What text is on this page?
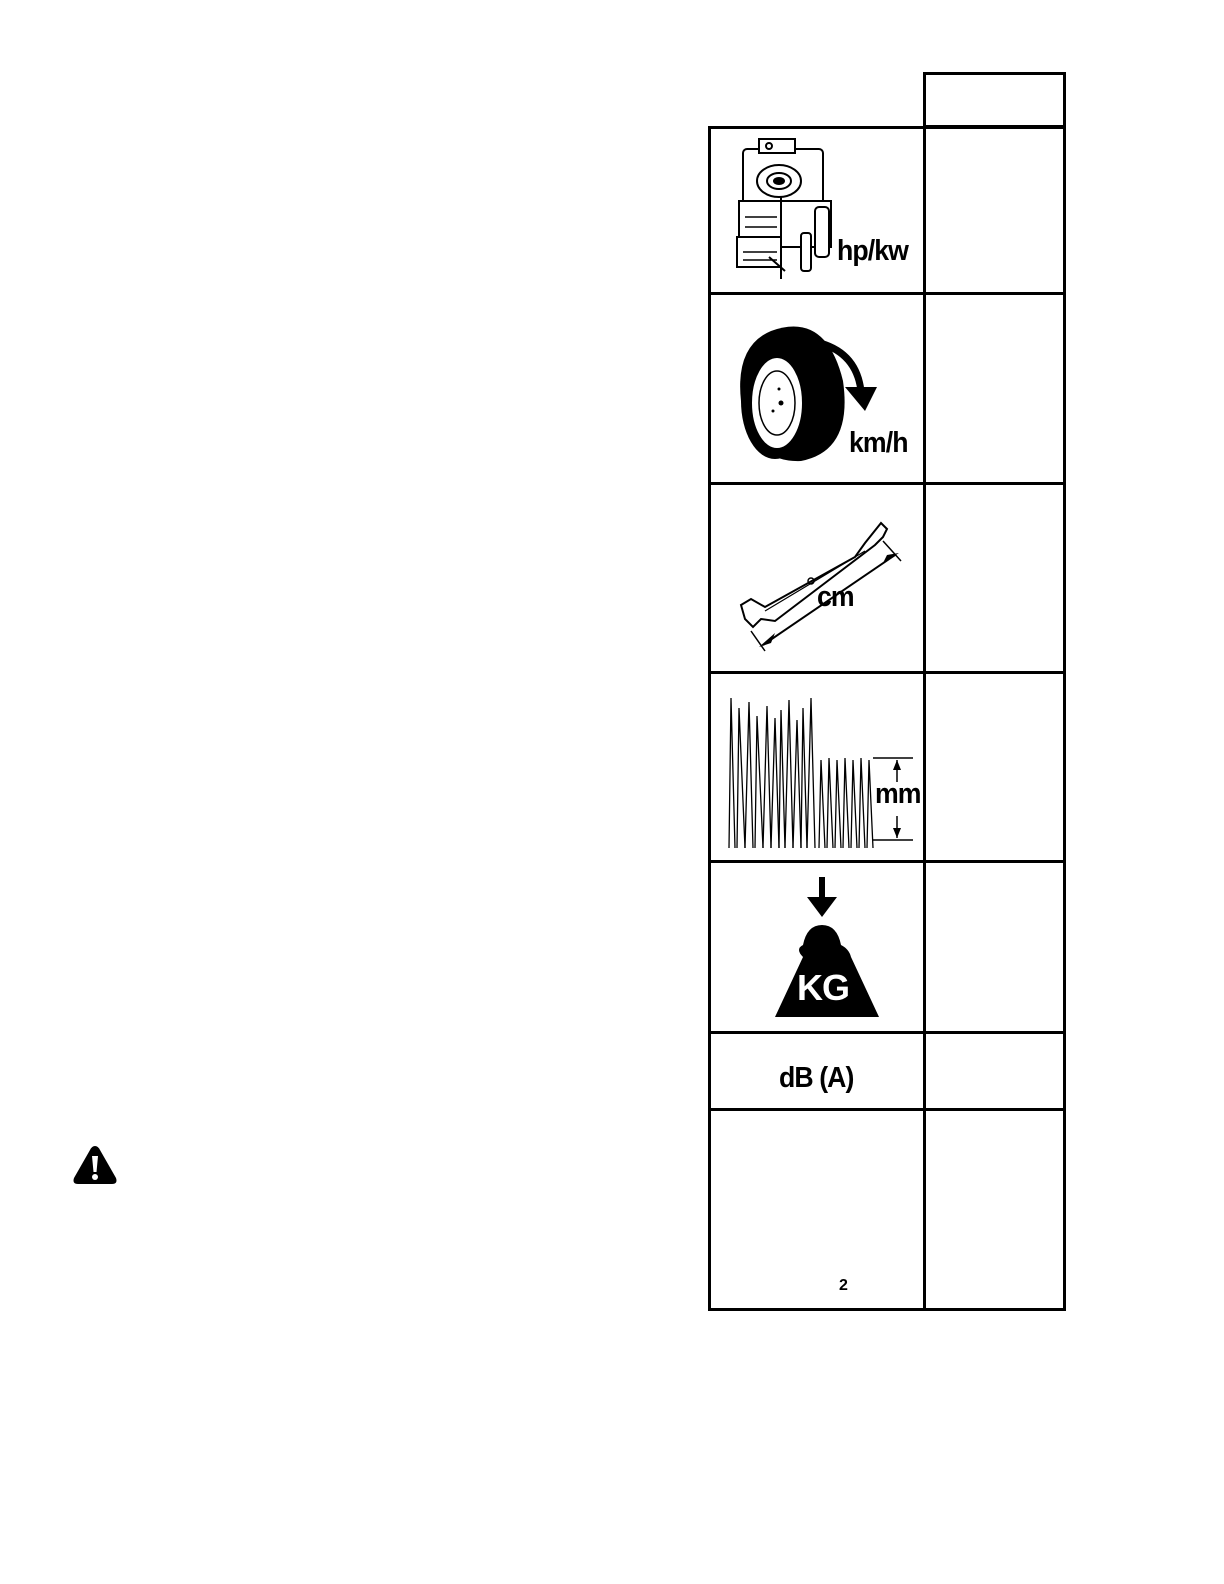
hp/kw
km/h
cm
mm
KG
dB (A)
2
